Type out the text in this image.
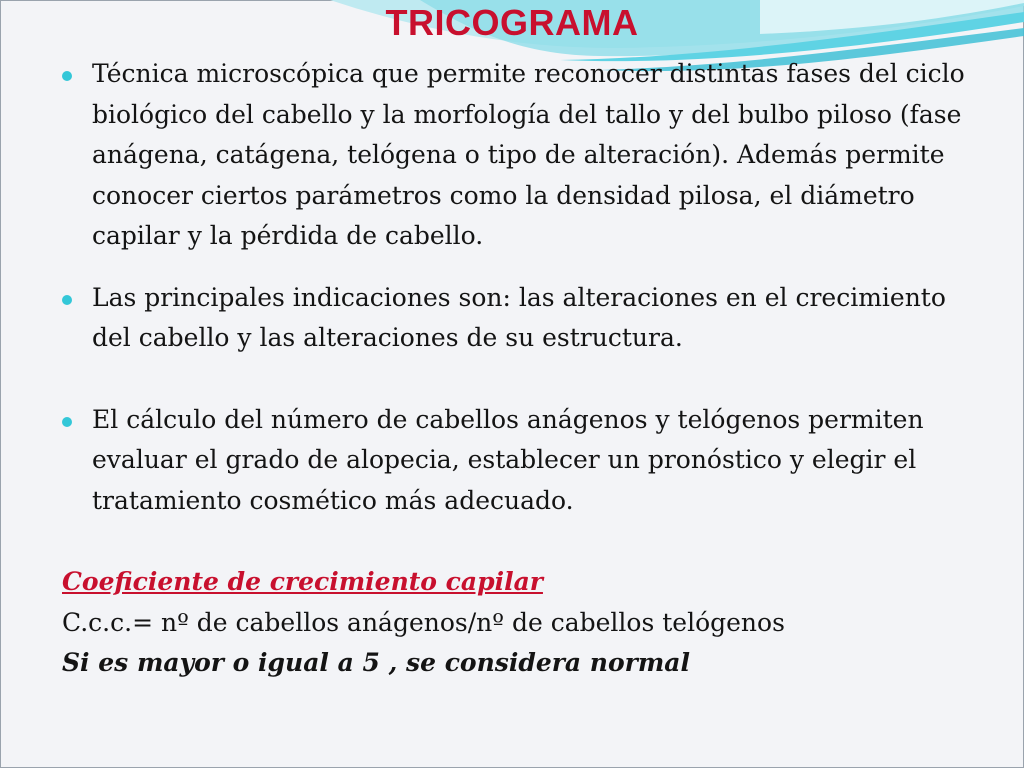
TRICOGRAMA
Técnica microscópica que permite reconocer distintas fases del ciclo biológico del cabello y la morfología del tallo y del bulbo piloso (fase anágena, catágena, telógena o tipo de alteración). Además permite conocer ciertos parámetros como la densidad pilosa, el diámetro capilar y la pérdida de cabello.
Las principales indicaciones son: las alteraciones en el crecimiento del cabello y las alteraciones de su estructura.
El cálculo del número de cabellos anágenos y telógenos permiten evaluar el grado de alopecia, establecer un pronóstico y elegir el tratamiento cosmético más adecuado.
Coeficiente de crecimiento capilar
C.c.c.= nº de cabellos anágenos/nº de cabellos telógenos
Si es mayor o igual a 5 , se considera normal
